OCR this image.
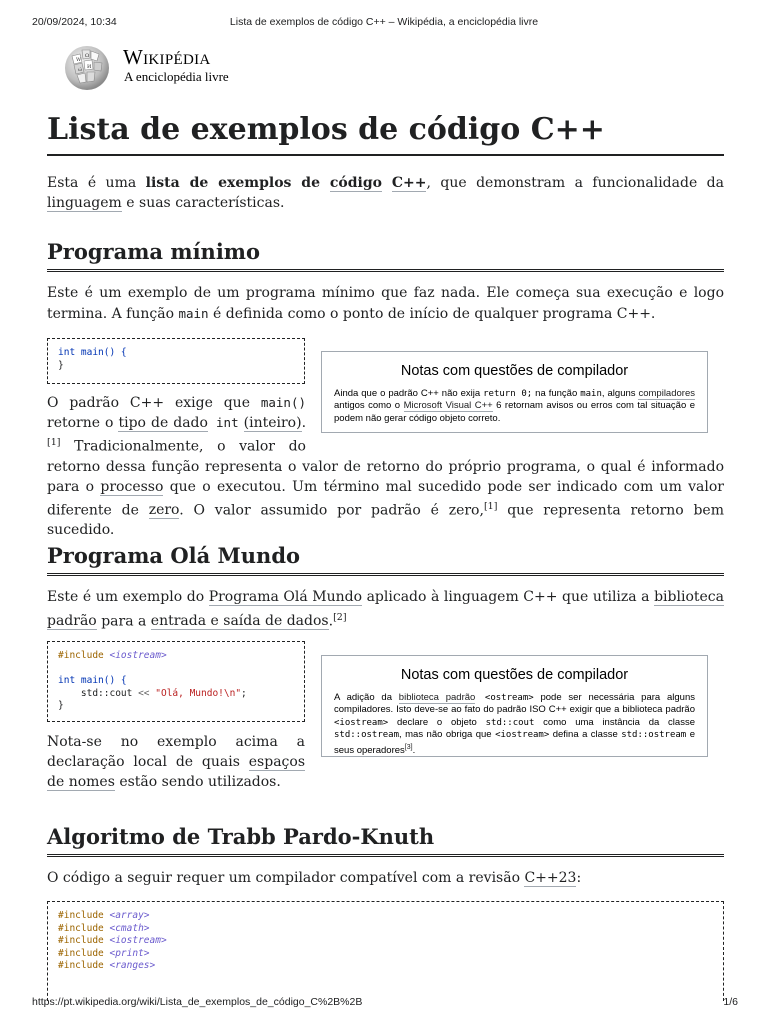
20/09/2024, 10:34	Lista de exemplos de código C++ – Wikipédia, a enciclopédia livre
W
Ω
И
ώ
Wikipédia
A enciclopédia livre
Lista de exemplos de código C++

Esta é uma lista de exemplos de código C++, que demonstram a funcionalidade da linguagem e suas características.

Programa mínimo

Este é um exemplo de um programa mínimo que faz nada. Ele começa sua execução e logo termina. A função main é definida como o ponto de início de qualquer programa C++.

int main() {
}	Notas com questões de compilador

Ainda que o padrão C++ não exija return 0; na função main, alguns compiladores antigos como o Microsoft Visual C++ 6 retornam avisos ou erros com tal situação e podem não gerar código objeto correto.

O padrão C++ exige que main() retorne o tipo de dado int (inteiro).[1] Tradicionalmente, o valor do retorno dessa função representa o valor de retorno do próprio programa, o qual é informado para o processo que o executou. Um término mal sucedido pode ser indicado com um valor diferente de zero. O valor assumido por padrão é zero,[1] que representa retorno bem sucedido.

Programa Olá Mundo

Este é um exemplo do Programa Olá Mundo aplicado à linguagem C++ que utiliza a biblioteca padrão para a entrada e saída de dados.[2]

#include <iostream>

int main() {
std::cout << "Olá, Mundo!\n";
}

Nota-se no exemplo acima a declaração local de quais espaços de nomes estão sendo utilizados.

Notas com questões de compilador

A adição da biblioteca padrão <ostream> pode ser necessária para alguns compiladores. Isto deve-se ao fato do padrão ISO C++ exigir que a biblioteca padrão <iostream> declare o objeto std::cout como uma instância da classe std::ostream, mas não obriga que <iostream> defina a classe std::ostream e seus operadores[3].

Algoritmo de Trabb Pardo-Knuth

O código a seguir requer um compilador compatível com a revisão C++23:

#include <array>
#include <cmath>
#include <iostream>
#include <print>
#include <ranges>
https://pt.wikipedia.org/wiki/Lista_de_exemplos_de_código_C%2B%2B	1/6
